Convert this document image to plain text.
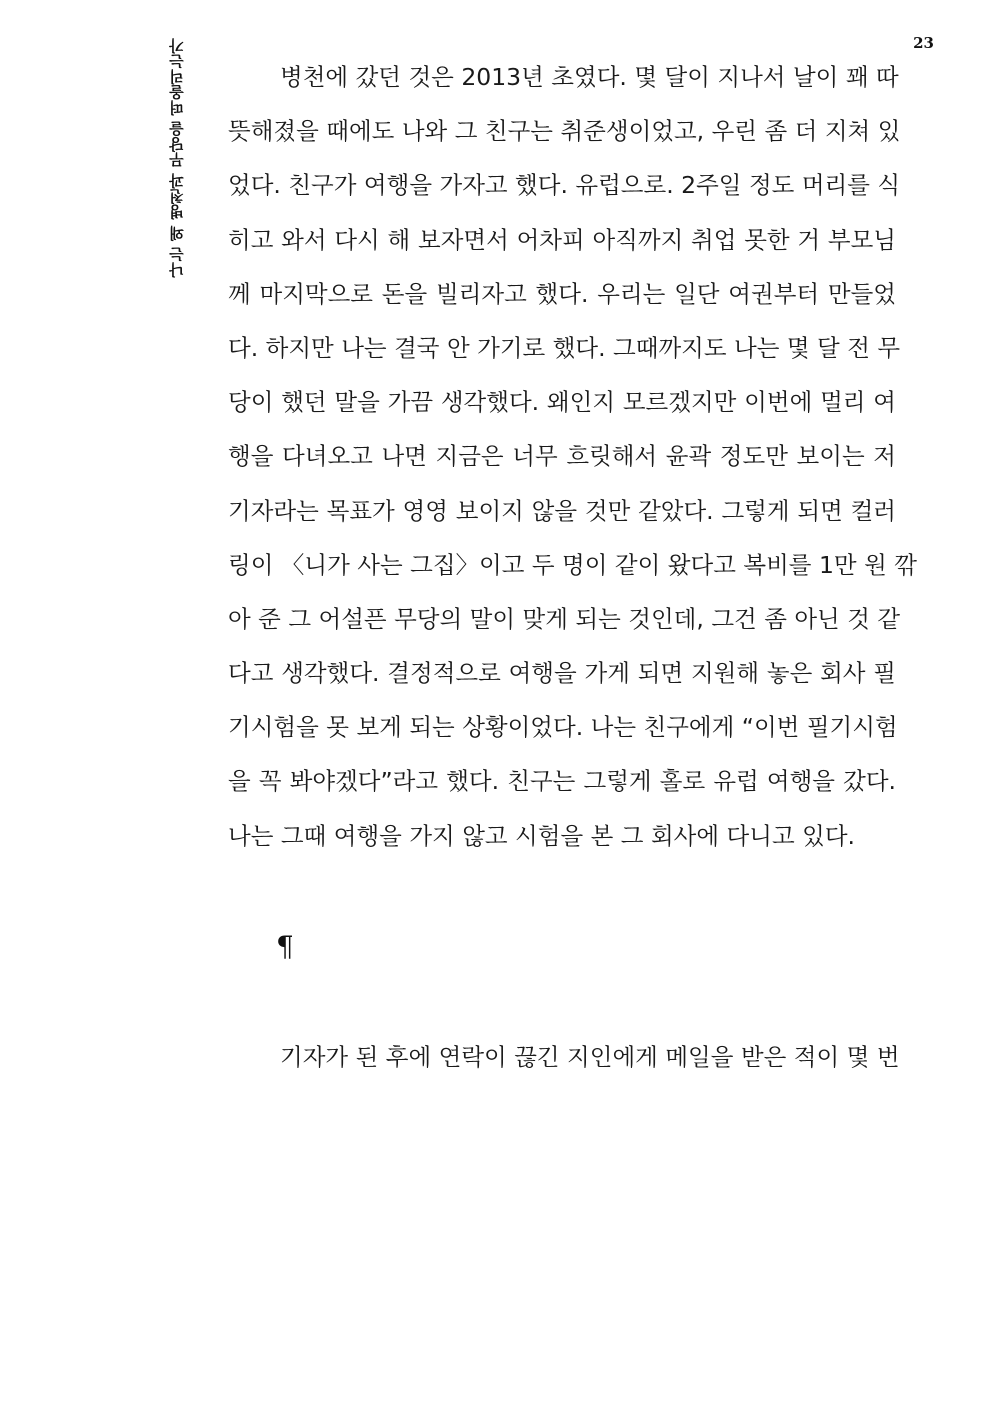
나는 왜 병천과 무당을 떠올리는가	23
병천에 갔던 것은 2013년 초였다. 몇 달이 지나서 날이 꽤 따
뜻해졌을 때에도 나와 그 친구는 취준생이었고, 우린 좀 더 지쳐 있
었다. 친구가 여행을 가자고 했다. 유럽으로. 2주일 정도 머리를 식
히고 와서 다시 해 보자면서 어차피 아직까지 취업 못한 거 부모님
께 마지막으로 돈을 빌리자고 했다. 우리는 일단 여권부터 만들었
다. 하지만 나는 결국 안 가기로 했다. 그때까지도 나는 몇 달 전 무
당이 했던 말을 가끔 생각했다. 왜인지 모르겠지만 이번에 멀리 여
행을 다녀오고 나면 지금은 너무 흐릿해서 윤곽 정도만 보이는 저
기자라는 목표가 영영 보이지 않을 것만 같았다. 그렇게 되면 컬러
링이 〈니가 사는 그집〉이고 두 명이 같이 왔다고 복비를 1만 원 깎
아 준 그 어설픈 무당의 말이 맞게 되는 것인데, 그건 좀 아닌 것 같
다고 생각했다. 결정적으로 여행을 가게 되면 지원해 놓은 회사 필
기시험을 못 보게 되는 상황이었다. 나는 친구에게 “이번 필기시험
을 꼭 봐야겠다”라고 했다. 친구는 그렇게 홀로 유럽 여행을 갔다.
나는 그때 여행을 가지 않고 시험을 본 그 회사에 다니고 있다.
¶
기자가 된 후에 연락이 끊긴 지인에게 메일을 받은 적이 몇 번
